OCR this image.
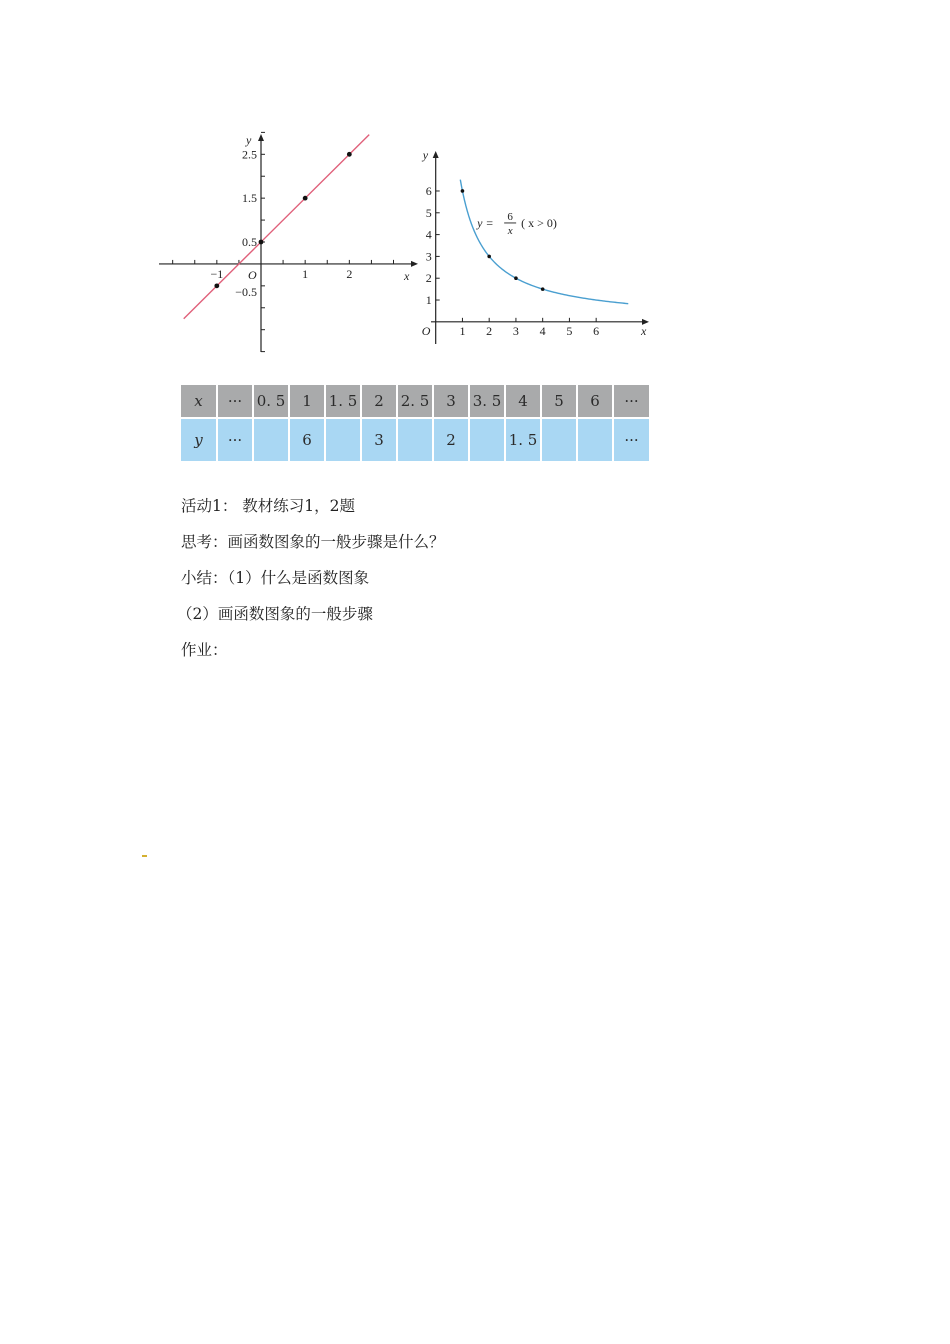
x
y
O
−1	1	2
−0.5
0.5
1.5
2.5
x
y
O 1 2 3 4 5 6
1
2
3
4
5
6
y = 6
x
( x > 0)
x	···	0. 5	1	1. 5	2	2. 5	3	3. 5	4	5	6	···
y	···		6		3		2		1. 5			···
活动1： 教材练习1，2题
思考：画函数图象的一般步骤是什么？
小结：（1）什么是函数图象
（2）画函数图象的一般步骤
作业：
